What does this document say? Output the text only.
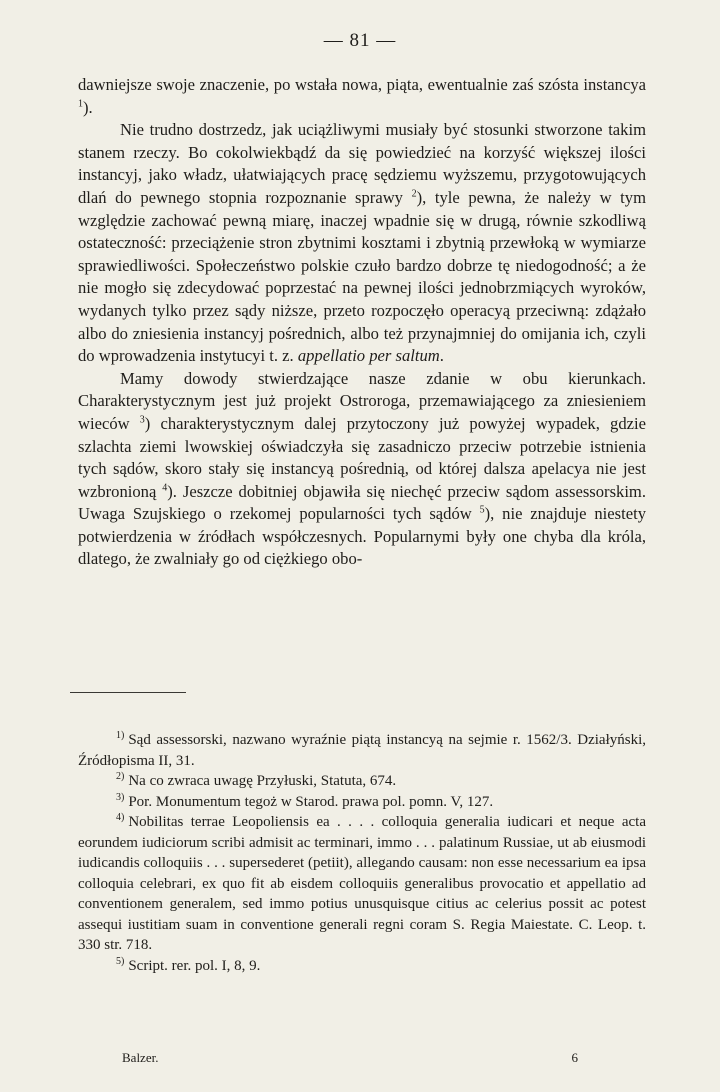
— 81 —

dawniejsze swoje znaczenie, po wstała nowa, piąta, ewentualnie zaś szósta instancya $^1$).

Nie trudno dostrzedz, jak uciążliwymi musiały być stosunki stworzone takim stanem rzeczy. Bo cokolwiekbądź da się powiedzieć na korzyść większej ilości instancyj, jako władz, ułatwiających pracę sędziemu wyższemu, przygotowujących dlań do pewnego stopnia rozpoznanie sprawy $^2$), tyle pewna, że należy w tym względzie zachować pewną miarę, inaczej wpadnie się w drugą, równie szkodliwą ostateczność: przeciążenie stron zbytnimi kosztami i zbytnią przewłoką w wymiarze sprawiedliwości. Społeczeństwo polskie czuło bardzo dobrze tę niedogodność; a że nie mogło się zdecydować poprzestać na pewnej ilości jednobrzmiących wyroków, wydanych tylko przez sądy niższe, przeto rozpoczęło operacyą przeciwną: zdążało albo do zniesienia instancyj pośrednich, albo też przynajmniej do omijania ich, czyli do wprowadzenia instytucyi t. z. appellatio per saltum.

Mamy dowody stwierdzające nasze zdanie w obu kierunkach. Charakterystycznym jest już projekt Ostroroga, przemawiającego za zniesieniem wieców $^3$) charakterystycznym dalej przytoczony już powyżej wypadek, gdzie szlachta ziemi lwowskiej oświadczyła się zasadniczo przeciw potrzebie istnienia tych sądów, skoro stały się instancyą pośrednią, od której dalsza apelacya nie jest wzbronioną $^4$). Jeszcze dobitniej objawiła się niechęć przeciw sądom assessorskim. Uwaga Szujskiego o rzekomej popularności tych sądów $^5$), nie znajduje niestety potwierdzenia w źródłach współczesnych. Popularnymi były one chyba dla króla, dlatego, że zwalniały go od ciężkiego obo-

$^{1)}$ Sąd assessorski, nazwano wyraźnie piątą instancyą na sejmie r. 1562/3. Działyński, Źródłopisma II, 31.

$^{2)}$ Na co zwraca uwagę Przyłuski, Statuta, 674.

$^{3)}$ Por. Monumentum tegoż w Starod. prawa pol. pomn. V, 127.

$^{4)}$ Nobilitas terrae Leopoliensis ea . . . . colloquia generalia iudicari et neque acta eorundem iudiciorum scribi admisit ac terminari, immo . . . palatinum Russiae, ut ab eiusmodi iudicandis colloquiis . . . supersederet (petiit), allegando causam: non esse necessarium ea ipsa colloquia celebrari, ex quo fit ab eisdem colloquiis generalibus provocatio et appellatio ad conventionem generalem, sed immo potius unusquisque citius ac celerius possit ac potest assequi iustitiam suam in conventione generali regni coram S. Regia Maiestate. C. Leop. t. 330 str. 718.

$^{5)}$ Script. rer. pol. I, 8, 9.

Balzer.	6
